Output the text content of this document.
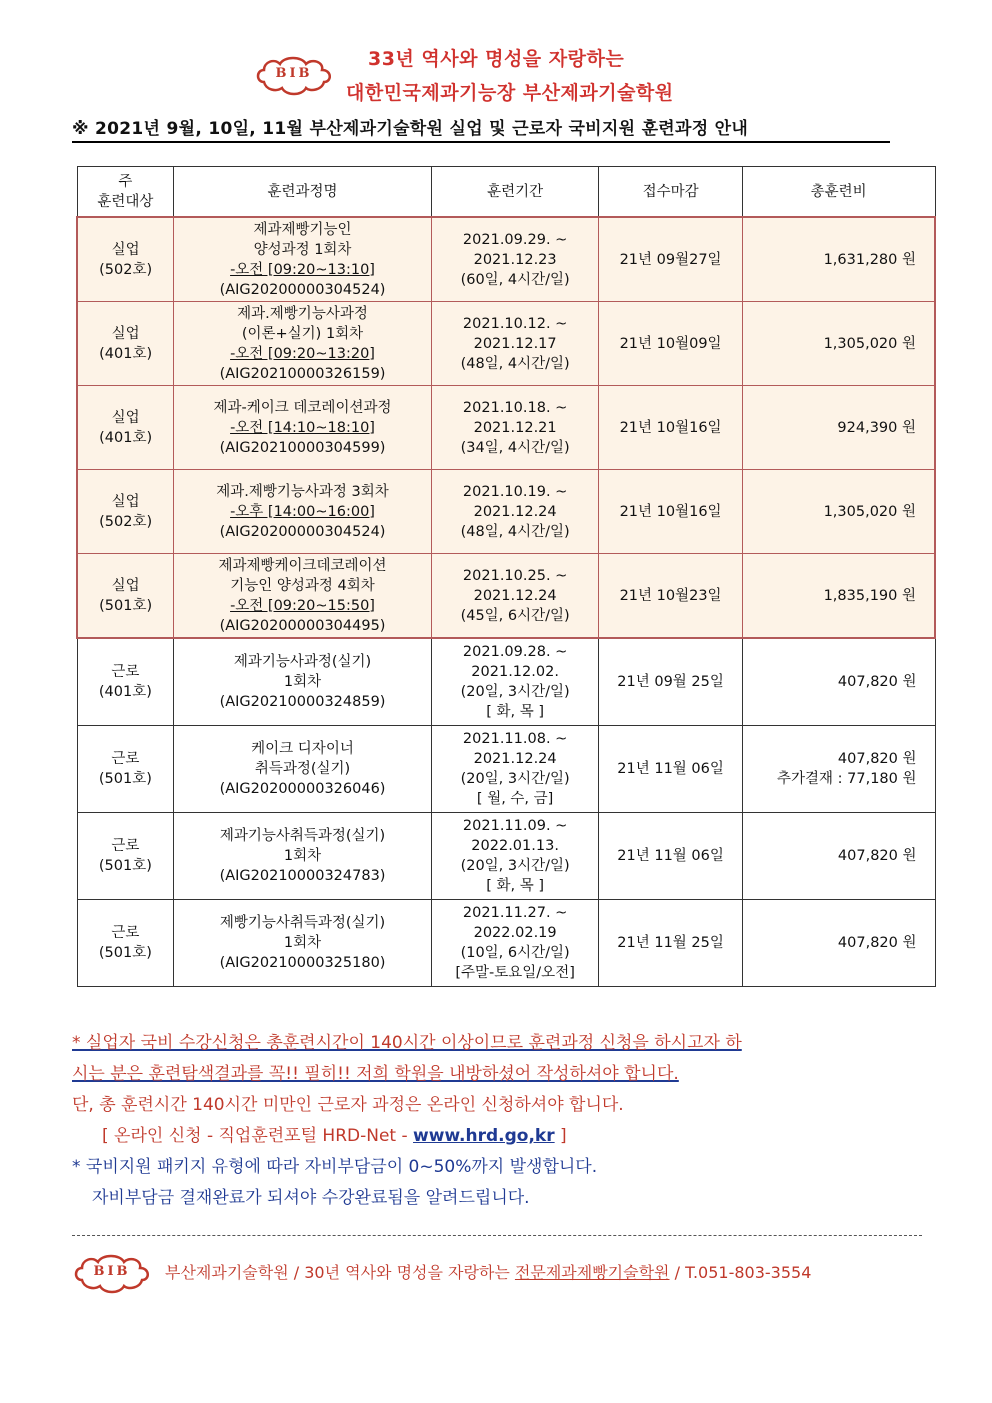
BIB
33년 역사와 명성을 자랑하는
대한민국제과기능장 부산제과기술학원
※ 2021년 9월, 10일, 11월 부산제과기술학원 실업 및 근로자 국비지원 훈련과정 안내
주
훈련대상	훈련과정명	훈련기간	접수마감	총훈련비

실업
(502호)	제과제빵기능인
양성과정 1회차
-오전 [09:20~13:10]
(AIG20200000304524)	2021.09.29. ~
2021.12.23
(60일, 4시간/일)	21년 09월27일	1,631,280 원

실업
(401호)	제과.제빵기능사과정
(이론+실기) 1회차
-오전 [09:20~13:20]
(AIG20210000326159)	2021.10.12. ~
2021.12.17
(48일, 4시간/일)	21년 10월09일	1,305,020 원

실업
(401호)	제과-케이크 데코레이션과정
-오전 [14:10~18:10]
(AIG20210000304599)	2021.10.18. ~
2021.12.21
(34일, 4시간/일)	21년 10월16일	924,390 원

실업
(502호)	제과.제빵기능사과정 3회차
-오후 [14:00~16:00]
(AIG20200000304524)	2021.10.19. ~
2021.12.24
(48일, 4시간/일)	21년 10월16일	1,305,020 원

실업
(501호)	제과제빵케이크데코레이션
기능인 양성과정 4회차
-오전 [09:20~15:50]
(AIG20200000304495)	2021.10.25. ~
2021.12.24
(45일, 6시간/일)	21년 10월23일	1,835,190 원

근로
(401호)	제과기능사과정(실기)
1회차
(AIG20210000324859)	2021.09.28. ~
2021.12.02.
(20일, 3시간/일)
[ 화, 목 ]	21년 09월 25일	407,820 원

근로
(501호)	케이크 디자이너
취득과정(실기)
(AIG20200000326046)	2021.11.08. ~
2021.12.24
(20일, 3시간/일)
[ 월, 수, 금]	21년 11월 06일	407,820 원
추가결재 : 77,180 원

근로
(501호)	제과기능사취득과정(실기)
1회차
(AIG20210000324783)	2021.11.09. ~
2022.01.13.
(20일, 3시간/일)
[ 화, 목 ]	21년 11월 06일	407,820 원

근로
(501호)	제빵기능사취득과정(실기)
1회차
(AIG20210000325180)	2021.11.27. ~
2022.02.19
(10일, 6시간/일)
[주말-토요일/오전]	21년 11월 25일	407,820 원
* 실업자 국비 수강신청은 총훈련시간이 140시간 이상이므로 훈련과정 신청을 하시고자 하
시는 분은 훈련탐색결과를 꼭!! 필히!! 저희 학원을 내방하셨어 작성하셔야 합니다.
단, 총 훈련시간 140시간 미만인 근로자 과정은 온라인 신청하셔야 합니다.
[ 온라인 신청 - 직업훈련포털 HRD-Net - www.hrd.go,kr ]
* 국비지원 패키지 유형에 따라 자비부담금이 0~50%까지 발생합니다.
자비부담금 결재완료가 되셔야 수강완료됨을 알려드립니다.
BIB	부산제과기술학원 / 30년 역사와 명성을 자랑하는 전문제과제빵기술학원 / T.051-803-3554
